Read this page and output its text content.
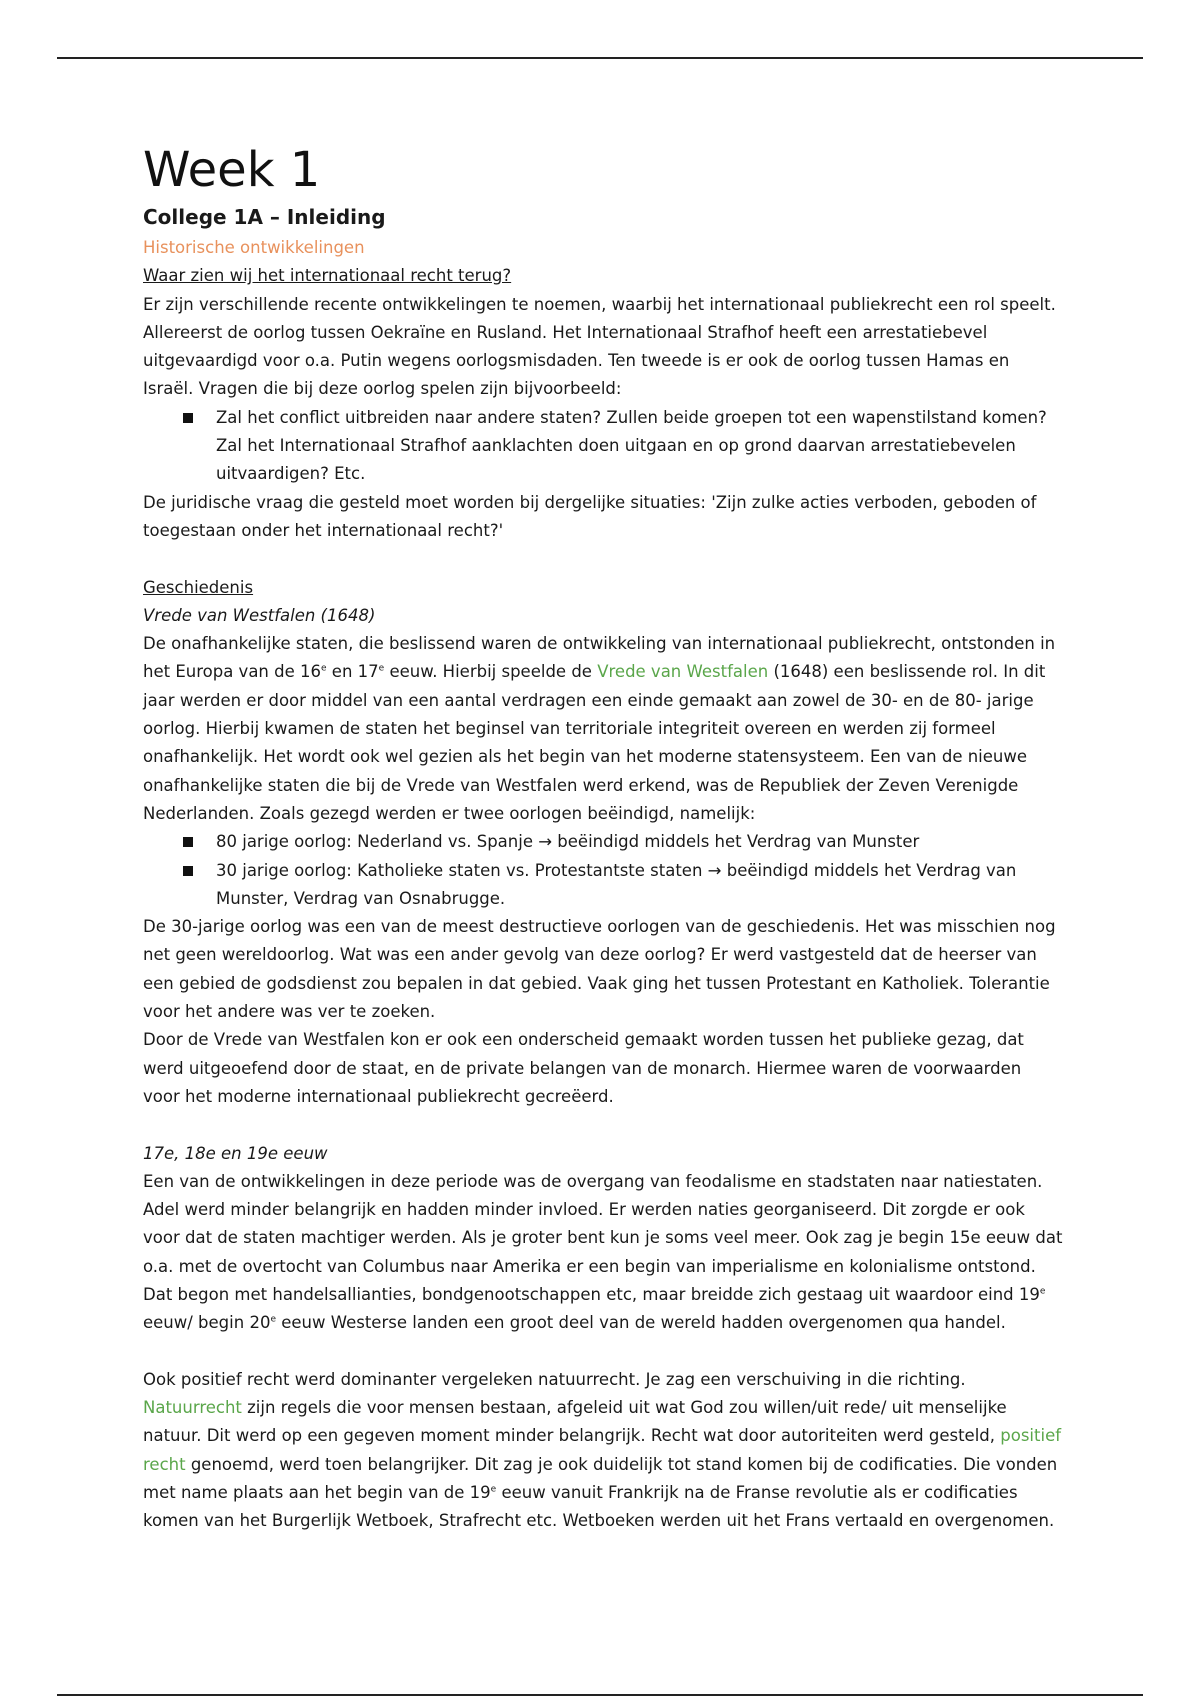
Week 1
College 1A – Inleiding

Historische ontwikkelingen

Waar zien wij het internationaal recht terug?

Er zijn verschillende recente ontwikkelingen te noemen, waarbij het internationaal publiekrecht een rol speelt. Allereerst de oorlog tussen Oekraïne en Rusland. Het Internationaal Strafhof heeft een arrestatiebevel uitgevaardigd voor o.a. Putin wegens oorlogsmisdaden. Ten tweede is er ook de oorlog tussen Hamas en Israël. Vragen die bij deze oorlog spelen zijn bijvoorbeeld:

Zal het conflict uitbreiden naar andere staten? Zullen beide groepen tot een wapenstilstand komen? Zal het Internationaal Strafhof aanklachten doen uitgaan en op grond daarvan arrestatiebevelen uitvaardigen? Etc.

De juridische vraag die gesteld moet worden bij dergelijke situaties: 'Zijn zulke acties verboden, geboden of toegestaan onder het internationaal recht?'

Geschiedenis

Vrede van Westfalen (1648)

De onafhankelijke staten, die beslissend waren de ontwikkeling van internationaal publiekrecht, ontstonden in het Europa van de 16e en 17e eeuw. Hierbij speelde de Vrede van Westfalen (1648) een beslissende rol. In dit jaar werden er door middel van een aantal verdragen een einde gemaakt aan zowel de 30- en de 80- jarige oorlog. Hierbij kwamen de staten het beginsel van territoriale integriteit overeen en werden zij formeel onafhankelijk. Het wordt ook wel gezien als het begin van het moderne statensysteem. Een van de nieuwe onafhankelijke staten die bij de Vrede van Westfalen werd erkend, was de Republiek der Zeven Verenigde Nederlanden. Zoals gezegd werden er twee oorlogen beëindigd, namelijk:

80 jarige oorlog: Nederland vs. Spanje → beëindigd middels het Verdrag van Munster
30 jarige oorlog: Katholieke staten vs. Protestantste staten → beëindigd middels het Verdrag van Munster, Verdrag van Osnabrugge.

De 30-jarige oorlog was een van de meest destructieve oorlogen van de geschiedenis. Het was misschien nog net geen wereldoorlog. Wat was een ander gevolg van deze oorlog? Er werd vastgesteld dat de heerser van een gebied de godsdienst zou bepalen in dat gebied. Vaak ging het tussen Protestant en Katholiek. Tolerantie voor het andere was ver te zoeken.

Door de Vrede van Westfalen kon er ook een onderscheid gemaakt worden tussen het publieke gezag, dat werd uitgeoefend door de staat, en de private belangen van de monarch. Hiermee waren de voorwaarden voor het moderne internationaal publiekrecht gecreëerd.

17e, 18e en 19e eeuw

Een van de ontwikkelingen in deze periode was de overgang van feodalisme en stadstaten naar natiestaten. Adel werd minder belangrijk en hadden minder invloed. Er werden naties georganiseerd. Dit zorgde er ook voor dat de staten machtiger werden. Als je groter bent kun je soms veel meer. Ook zag je begin 15e eeuw dat o.a. met de overtocht van Columbus naar Amerika er een begin van imperialisme en kolonialisme ontstond. Dat begon met handelsallianties, bondgenootschappen etc, maar breidde zich gestaag uit waardoor eind 19e eeuw/ begin 20e eeuw Westerse landen een groot deel van de wereld hadden overgenomen qua handel.

Ook positief recht werd dominanter vergeleken natuurrecht. Je zag een verschuiving in die richting. Natuurrecht zijn regels die voor mensen bestaan, afgeleid uit wat God zou willen/uit rede/ uit menselijke natuur. Dit werd op een gegeven moment minder belangrijk. Recht wat door autoriteiten werd gesteld, positief recht genoemd, werd toen belangrijker. Dit zag je ook duidelijk tot stand komen bij de codificaties. Die vonden met name plaats aan het begin van de 19e eeuw vanuit Frankrijk na de Franse revolutie als er codificaties komen van het Burgerlijk Wetboek, Strafrecht etc. Wetboeken werden uit het Frans vertaald en overgenomen.
